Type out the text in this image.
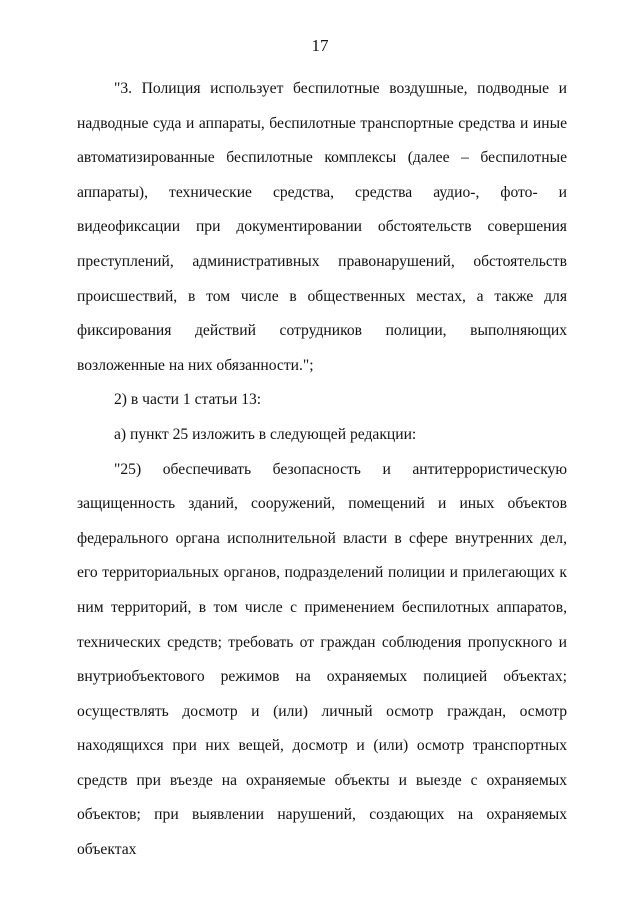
17

"3. Полиция использует беспилотные воздушные, подводные и надводные суда и аппараты, беспилотные транспортные средства и иные автоматизированные беспилотные комплексы (далее – беспилотные аппараты), технические средства, средства аудио-, фото- и видеофиксации при документировании обстоятельств совершения преступлений, административных правонарушений, обстоятельств происшествий, в том числе в общественных местах, а также для фиксирования действий сотрудников полиции, выполняющих возложенные на них обязанности.";

2) в части 1 статьи 13:

а) пункт 25 изложить в следующей редакции:

"25) обеспечивать безопасность и антитеррористическую защищенность зданий, сооружений, помещений и иных объектов федерального органа исполнительной власти в сфере внутренних дел, его территориальных органов, подразделений полиции и прилегающих к ним территорий, в том числе с применением беспилотных аппаратов, технических средств; требовать от граждан соблюдения пропускного и внутриобъектового режимов на охраняемых полицией объектах; осуществлять досмотр и (или) личный осмотр граждан, осмотр находящихся при них вещей, досмотр и (или) осмотр транспортных средств при въезде на охраняемые объекты и выезде с охраняемых объектов; при выявлении нарушений, создающих на охраняемых объектах
